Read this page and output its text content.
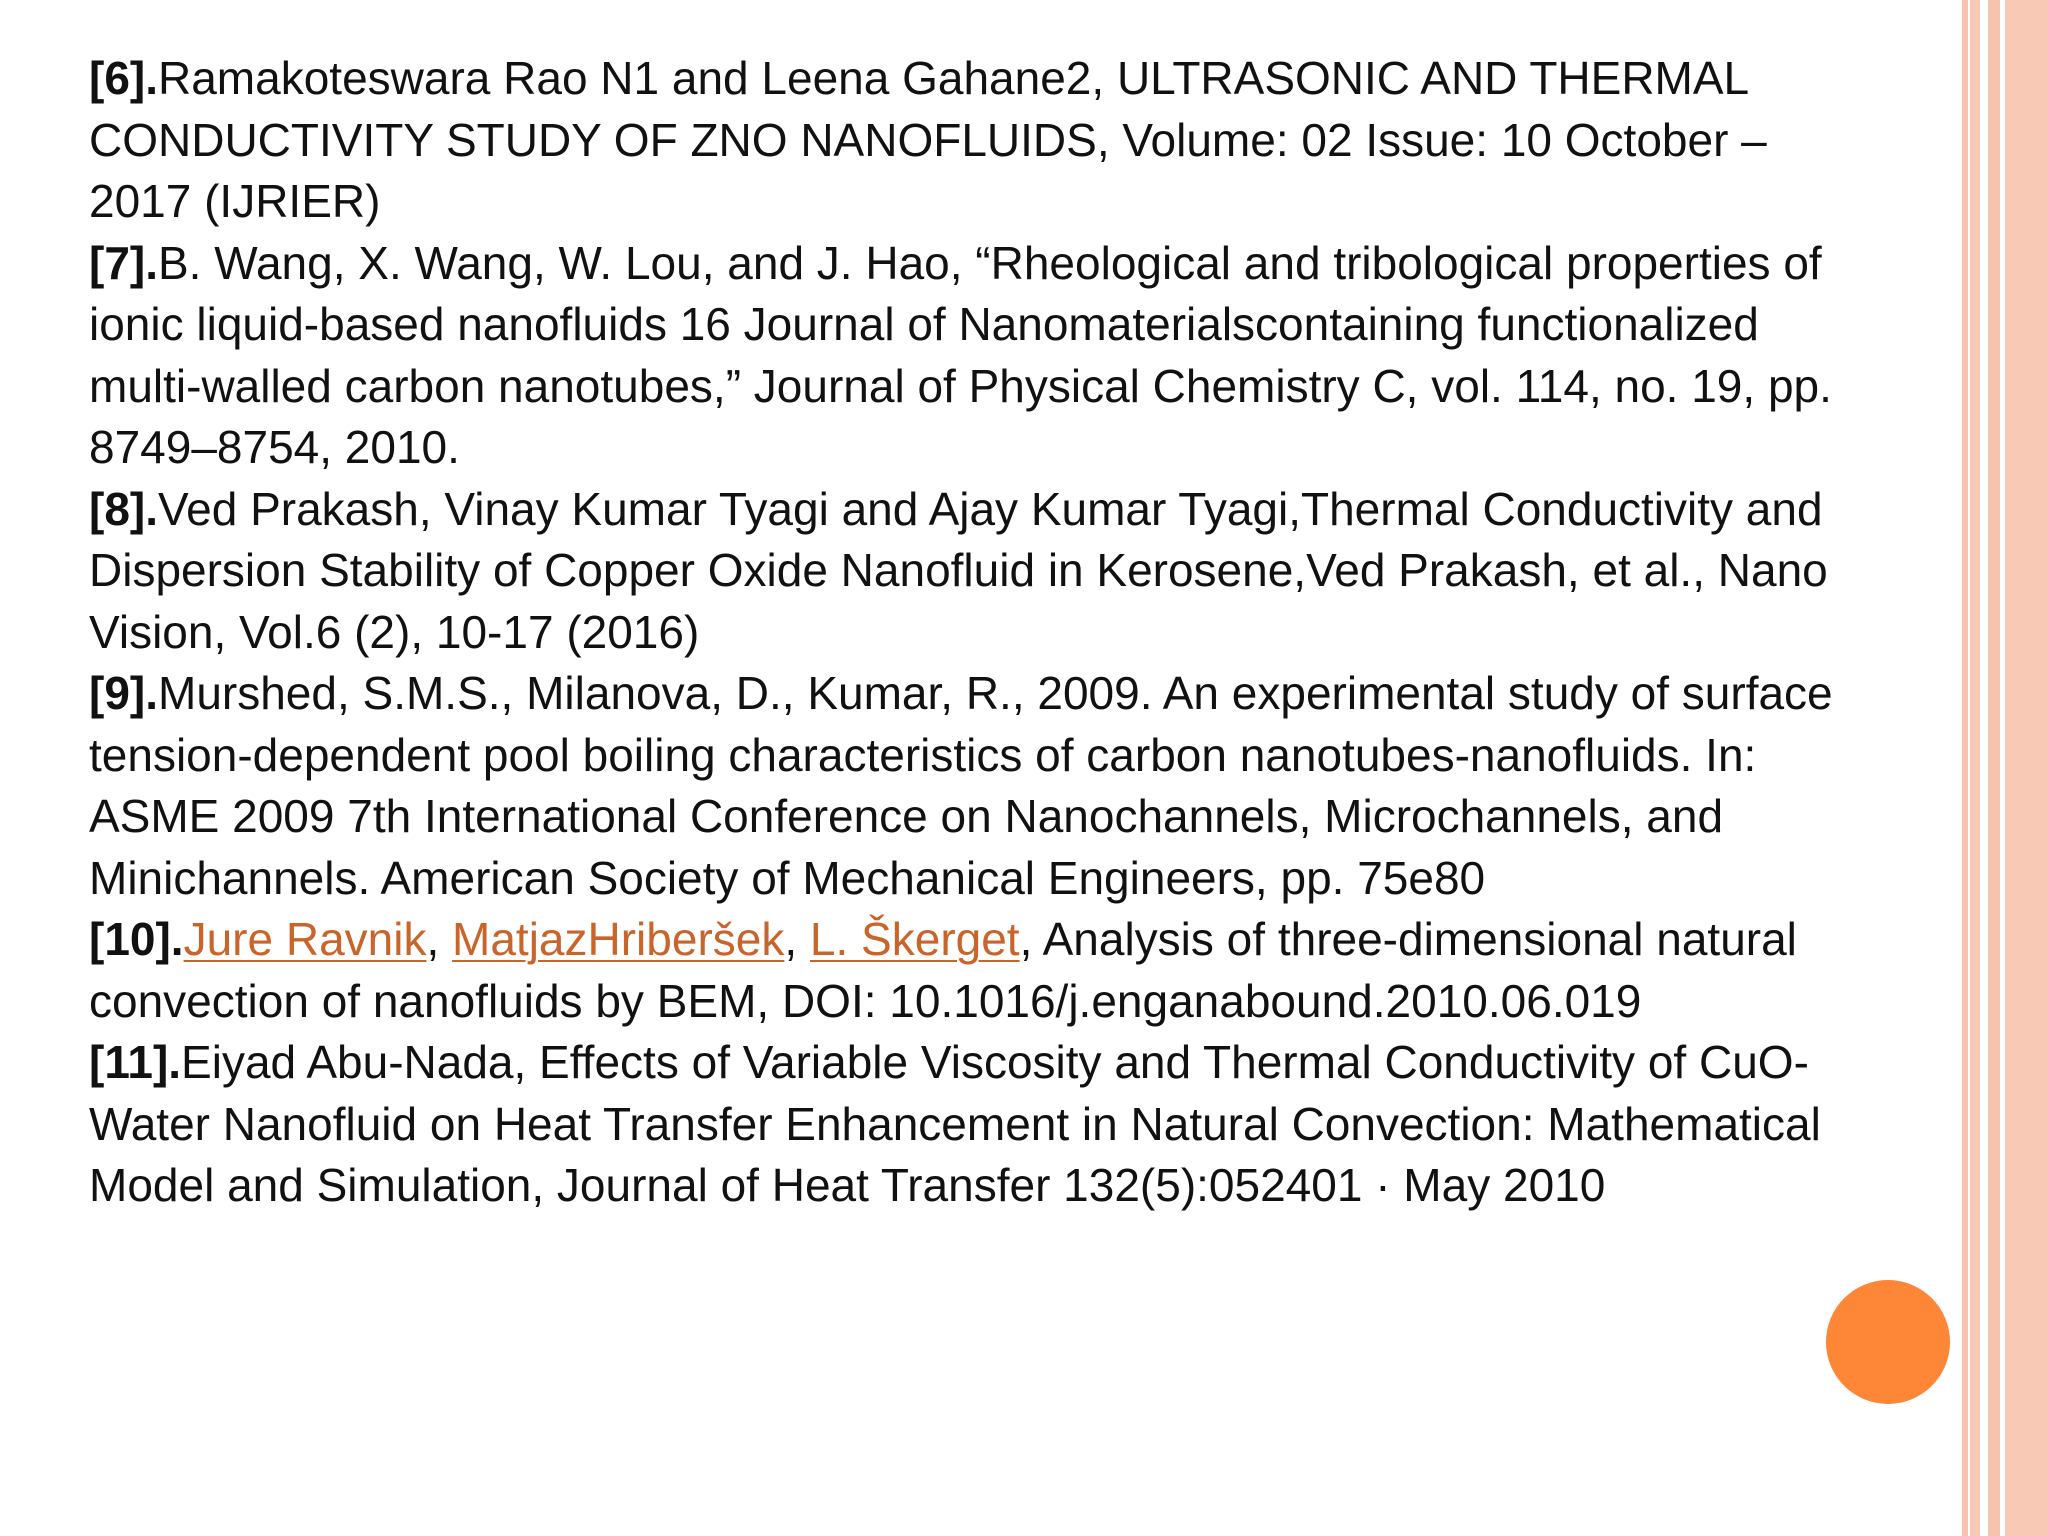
[6].Ramakoteswara Rao N1 and Leena Gahane2, ULTRASONIC AND THERMAL CONDUCTIVITY STUDY OF ZNO NANOFLUIDS, Volume: 02 Issue: 10 October – 2017 (IJRIER)

[7].B. Wang, X. Wang, W. Lou, and J. Hao, “Rheological and tribological properties of ionic liquid-based nanofluids 16 Journal of Nanomaterialscontaining functionalized multi-walled carbon nanotubes,” Journal of Physical Chemistry C, vol. 114, no. 19, pp. 8749–8754, 2010.

[8].Ved Prakash, Vinay Kumar Tyagi and Ajay Kumar Tyagi,Thermal Conductivity and Dispersion Stability of Copper Oxide Nanofluid in Kerosene,Ved Prakash, et al., Nano Vision, Vol.6 (2), 10-17 (2016)

[9].Murshed, S.M.S., Milanova, D., Kumar, R., 2009. An experimental study of surface tension-dependent pool boiling characteristics of carbon nanotubes-nanofluids. In: ASME 2009 7th International Conference on Nanochannels, Microchannels, and Minichannels. American Society of Mechanical Engineers, pp. 75e80

[10].Jure Ravnik, MatjazHriberšek, L. Škerget, Analysis of three-dimensional natural convection of nanofluids by BEM, DOI: 10.1016/j.enganabound.2010.06.019

[11].Eiyad Abu-Nada, Effects of Variable Viscosity and Thermal Conductivity of CuO-Water Nanofluid on Heat Transfer Enhancement in Natural Convection: Mathematical Model and Simulation, Journal of Heat Transfer 132(5):052401 · May 2010
